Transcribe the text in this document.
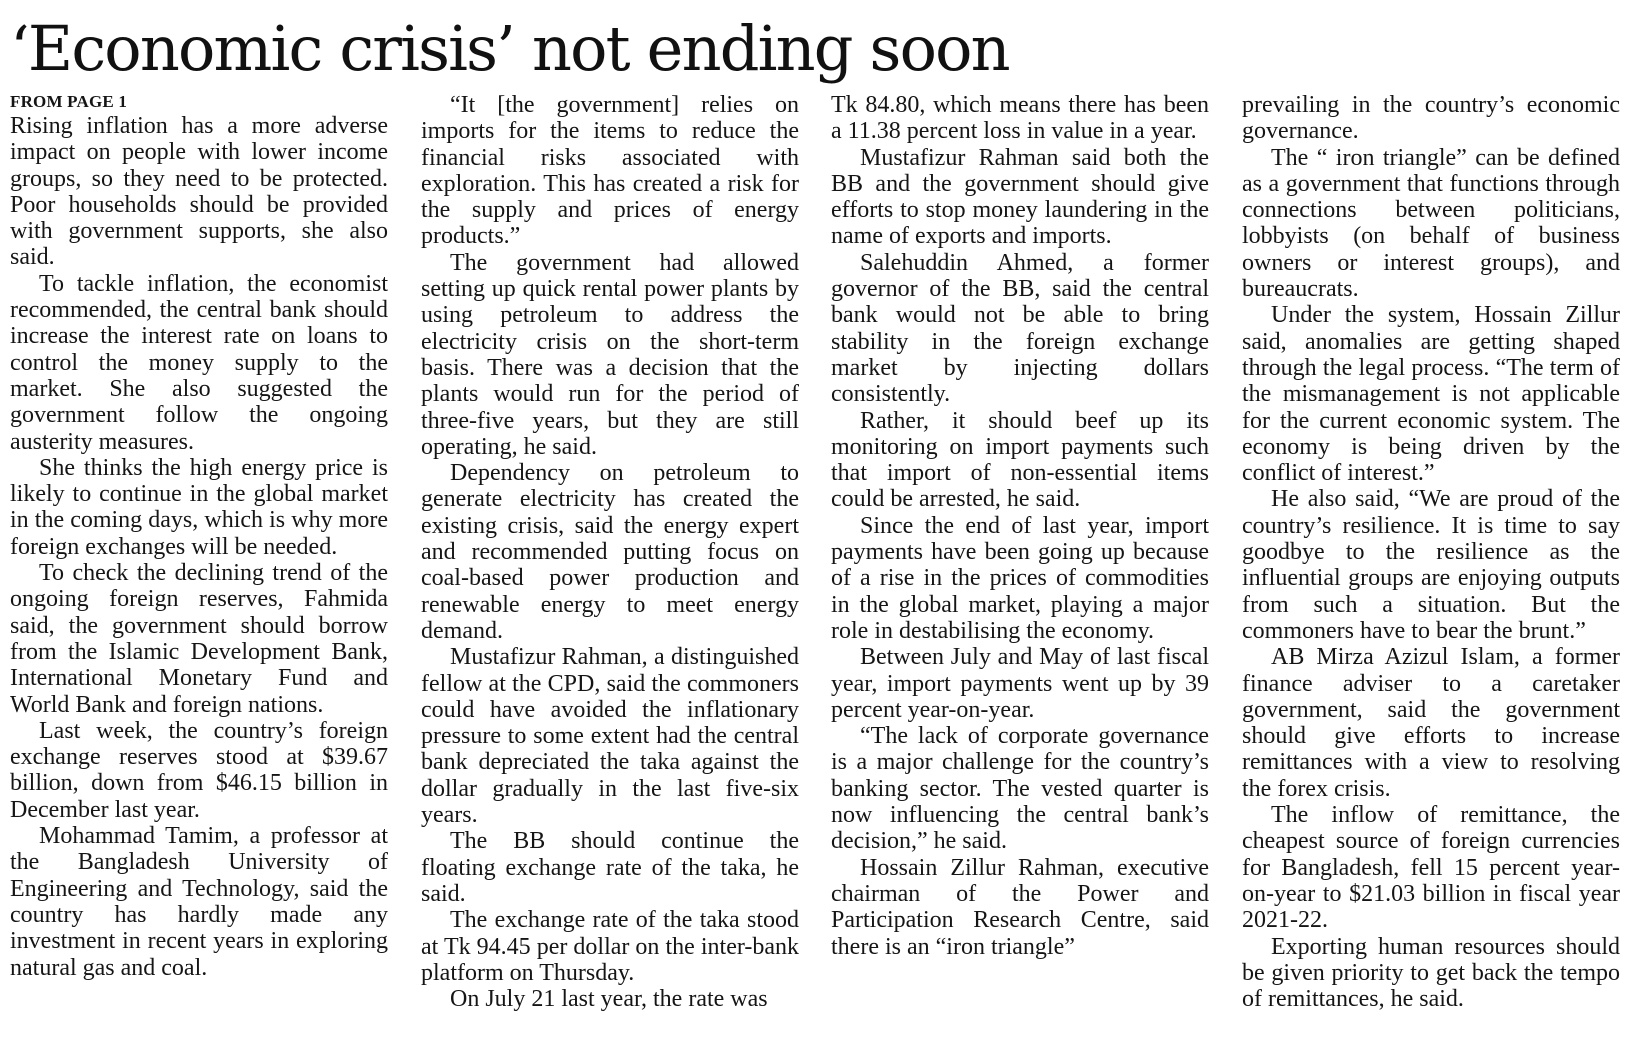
‘Economic crisis’ not ending soon
FROM PAGE 1

Rising inflation has a more adverse impact on people with lower income groups, so they need to be protected. Poor households should be provided with government supports, she also said.

To tackle inflation, the economist recommended, the central bank should increase the interest rate on loans to control the money supply to the market. She also suggested the government follow the ongoing austerity measures.

She thinks the high energy price is likely to continue in the global market in the coming days, which is why more foreign exchanges will be needed.

To check the declining trend of the ongoing foreign reserves, Fahmida said, the government should borrow from the Islamic Development Bank, International Monetary Fund and World Bank and foreign nations.

Last week, the country’s foreign exchange reserves stood at $39.67 billion, down from $46.15 billion in December last year.

Mohammad Tamim, a professor at the Bangladesh University of Engineering and Technology, said the country has hardly made any investment in recent years in exploring natural gas and coal.

“It [the government] relies on imports for the items to reduce the financial risks associated with exploration. This has created a risk for the supply and prices of energy products.”

The government had allowed setting up quick rental power plants by using petroleum to address the electricity crisis on the short-term basis. There was a decision that the plants would run for the period of three-five years, but they are still operating, he said.

Dependency on petroleum to generate electricity has created the existing crisis, said the energy expert and recommended putting focus on coal-based power production and renewable energy to meet energy demand.

Mustafizur Rahman, a distinguished fellow at the CPD, said the commoners could have avoided the inflationary pressure to some extent had the central bank depreciated the taka against the dollar gradually in the last five-six years.

The BB should continue the floating exchange rate of the taka, he said.

The exchange rate of the taka stood at Tk 94.45 per dollar on the inter-bank platform on Thursday.

On July 21 last year, the rate was

Tk 84.80, which means there has been a 11.38 percent loss in value in a year.

Mustafizur Rahman said both the BB and the government should give efforts to stop money laundering in the name of exports and imports.

Salehuddin Ahmed, a former governor of the BB, said the central bank would not be able to bring stability in the foreign exchange market by injecting dollars consistently.

Rather, it should beef up its monitoring on import payments such that import of non-essential items could be arrested, he said.

Since the end of last year, import payments have been going up because of a rise in the prices of commodities in the global market, playing a major role in destabilising the economy.

Between July and May of last fiscal year, import payments went up by 39 percent year-on-year.

“The lack of corporate governance is a major challenge for the country’s banking sector. The vested quarter is now influencing the central bank’s decision,” he said.

Hossain Zillur Rahman, executive chairman of the Power and Participation Research Centre, said there is an “iron triangle”

prevailing in the country’s economic governance.

The “ iron triangle” can be defined as a government that functions through connections between politicians, lobbyists (on behalf of business owners or interest groups), and bureaucrats.

Under the system, Hossain Zillur said, anomalies are getting shaped through the legal process. “The term of the mismanagement is not applicable for the current economic system. The economy is being driven by the conflict of interest.”

He also said, “We are proud of the country’s resilience. It is time to say goodbye to the resilience as the influential groups are enjoying outputs from such a situation. But the commoners have to bear the brunt.”

AB Mirza Azizul Islam, a former finance adviser to a caretaker government, said the government should give efforts to increase remittances with a view to resolving the forex crisis.

The inflow of remittance, the cheapest source of foreign currencies for Bangladesh, fell 15 percent year-on-year to $21.03 billion in fiscal year 2021-22.

Exporting human resources should be given priority to get back the tempo of remittances, he said.
